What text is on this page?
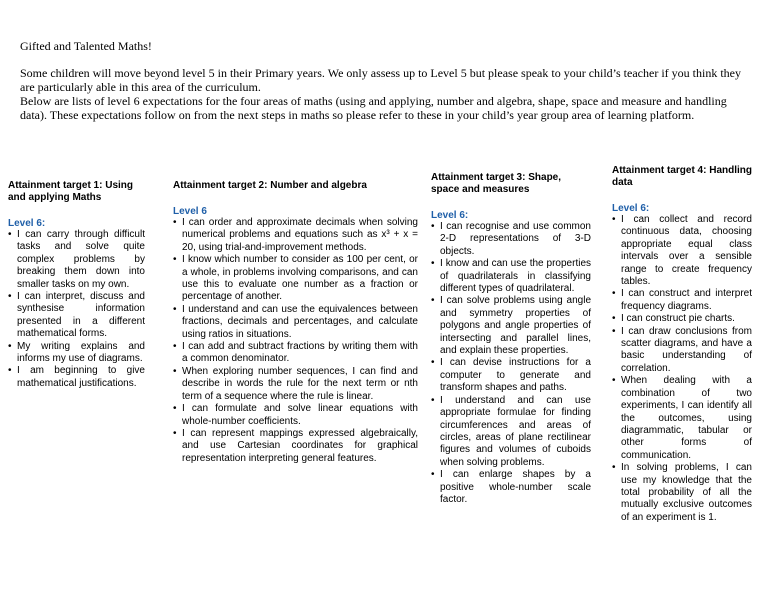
Gifted and Talented Maths!

Some children will move beyond level 5 in their Primary years. We only assess up to Level 5 but please speak to your child’s teacher if you think they are particularly able in this area of the curriculum.

Below are lists of level 6 expectations for the four areas of maths (using and applying, number and algebra, shape, space and measure and handling data). These expectations follow on from the next steps in maths so please refer to these in your child’s year group area of learning platform.

Attainment target 1: Using and applying Maths
Level 6:
• I can carry through difficult tasks and solve quite complex problems by breaking them down into smaller tasks on my own.
• I can interpret, discuss and synthesise information presented in a different mathematical forms.
• My writing explains and informs my use of diagrams.
• I am beginning to give mathematical justifications.
Attainment target 2: Number and algebra
Level 6
• I can order and approximate decimals when solving numerical problems and equations such as x³ + x = 20, using trial-and-improvement methods.
• I know which number to consider as 100 per cent, or a whole, in problems involving comparisons, and can use this to evaluate one number as a fraction or percentage of another.
• I understand and can use the equivalences between fractions, decimals and percentages, and calculate using ratios in situations.
• I can add and subtract fractions by writing them with a common denominator.
• When exploring number sequences, I can find and describe in words the rule for the next term or nth term of a sequence where the rule is linear.
• I can formulate and solve linear equations with whole-number coefficients.
• I can represent mappings expressed algebraically, and use Cartesian coordinates for graphical representation interpreting general features.
Attainment target 3: Shape, space and measures
Level 6:
• I can recognise and use common 2-D representations of 3-D objects.
• I know and can use the properties of quadrilaterals in classifying different types of quadrilateral.
• I can solve problems using angle and symmetry properties of polygons and angle properties of intersecting and parallel lines, and explain these properties.
• I can devise instructions for a computer to generate and transform shapes and paths.
• I understand and can use appropriate formulae for finding circumferences and areas of circles, areas of plane rectilinear figures and volumes of cuboids when solving problems.
• I can enlarge shapes by a positive whole-number scale factor.
Attainment target 4: Handling data
Level 6:
• I can collect and record continuous data, choosing appropriate equal class intervals over a sensible range to create frequency tables.
• I can construct and interpret frequency diagrams.
• I can construct pie charts.
• I can draw conclusions from scatter diagrams, and have a basic understanding of correlation.
• When dealing with a combination of two experiments, I can identify all the outcomes, using diagrammatic, tabular or other forms of communication.
• In solving problems, I can use my knowledge that the total probability of all the mutually exclusive outcomes of an experiment is 1.
